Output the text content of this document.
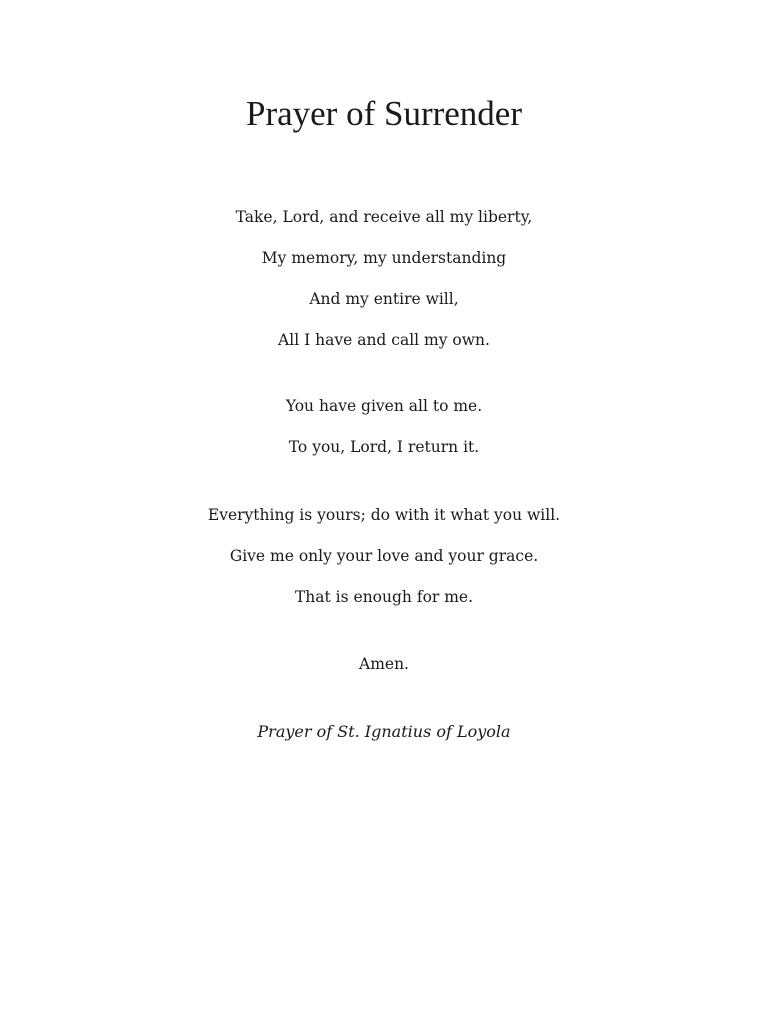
Prayer of Surrender
Take, Lord, and receive all my liberty,
My memory, my understanding
And my entire will,
All I have and call my own.
You have given all to me.
To you, Lord, I return it.
Everything is yours; do with it what you will.
Give me only your love and your grace.
That is enough for me.
Amen.

Prayer of St. Ignatius of Loyola
